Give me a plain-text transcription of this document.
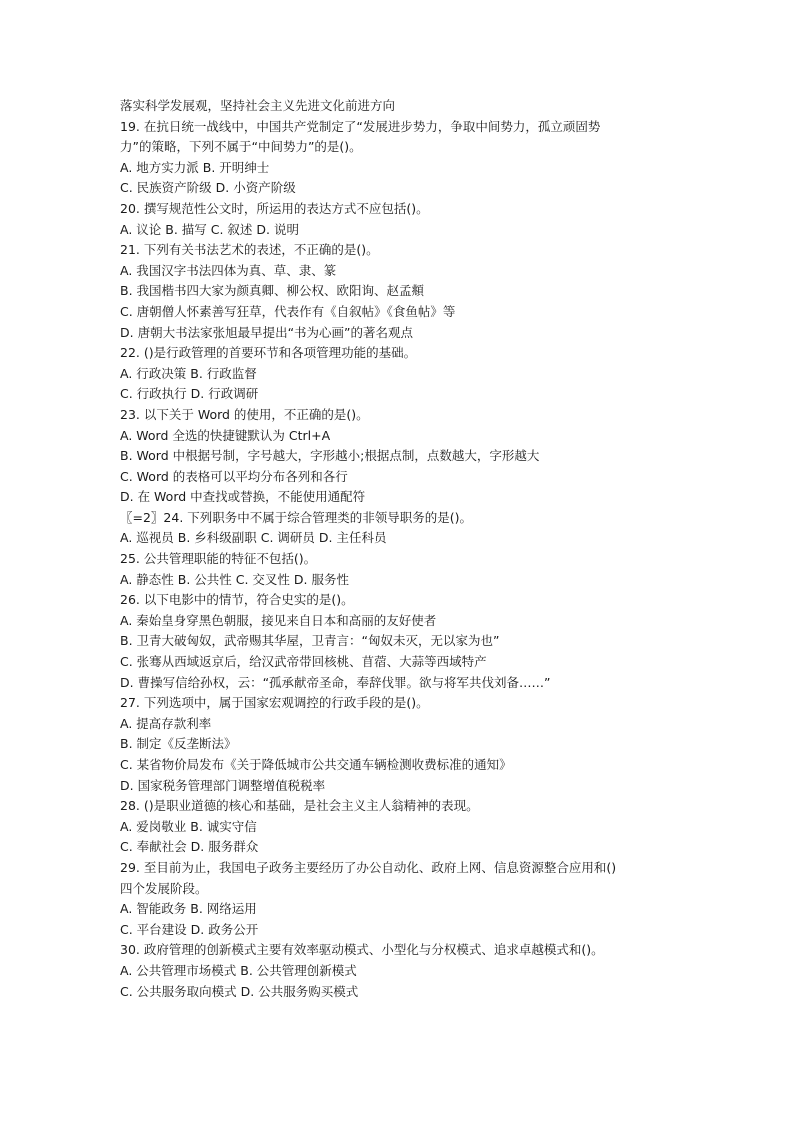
落实科学发展观，坚持社会主义先进文化前进方向

19. 在抗日统一战线中，中国共产党制定了“发展进步势力，争取中间势力，孤立顽固势

力”的策略，下列不属于“中间势力”的是()。

A. 地方实力派 B. 开明绅士

C. 民族资产阶级 D. 小资产阶级

20. 撰写规范性公文时，所运用的表达方式不应包括()。

A. 议论 B. 描写 C. 叙述 D. 说明

21. 下列有关书法艺术的表述，不正确的是()。

A. 我国汉字书法四体为真、草、隶、篆

B. 我国楷书四大家为颜真卿、柳公权、欧阳询、赵孟頫

C. 唐朝僧人怀素善写狂草，代表作有《自叙帖》《食鱼帖》等

D. 唐朝大书法家张旭最早提出“书为心画”的著名观点

22. ()是行政管理的首要环节和各项管理功能的基础。

A. 行政决策 B. 行政监督

C. 行政执行 D. 行政调研

23. 以下关于 Word 的使用，不正确的是()。

A. Word 全选的快捷键默认为 Ctrl+A

B. Word 中根据号制，字号越大，字形越小;根据点制，点数越大，字形越大

C. Word 的表格可以平均分布各列和各行

D. 在 Word 中查找或替换，不能使用通配符

〖=2〗24. 下列职务中不属于综合管理类的非领导职务的是()。

A. 巡视员 B. 乡科级副职 C. 调研员 D. 主任科员

25. 公共管理职能的特征不包括()。

A. 静态性 B. 公共性 C. 交叉性 D. 服务性

26. 以下电影中的情节，符合史实的是()。

A. 秦始皇身穿黑色朝服，接见来自日本和高丽的友好使者

B. 卫青大破匈奴，武帝赐其华屋，卫青言：“匈奴未灭，无以家为也”

C. 张骞从西域返京后，给汉武帝带回核桃、苜蓿、大蒜等西域特产

D. 曹操写信给孙权，云：“孤承献帝圣命，奉辞伐罪。欲与将军共伐刘备……”

27. 下列选项中，属于国家宏观调控的行政手段的是()。

A. 提高存款利率

B. 制定《反垄断法》

C. 某省物价局发布《关于降低城市公共交通车辆检测收费标准的通知》

D. 国家税务管理部门调整增值税税率

28. ()是职业道德的核心和基础，是社会主义主人翁精神的表现。

A. 爱岗敬业 B. 诚实守信

C. 奉献社会 D. 服务群众

29. 至目前为止，我国电子政务主要经历了办公自动化、政府上网、信息资源整合应用和()

四个发展阶段。

A. 智能政务 B. 网络运用

C. 平台建设 D. 政务公开

30. 政府管理的创新模式主要有效率驱动模式、小型化与分权模式、追求卓越模式和()。

A. 公共管理市场模式 B. 公共管理创新模式

C. 公共服务取向模式 D. 公共服务购买模式
